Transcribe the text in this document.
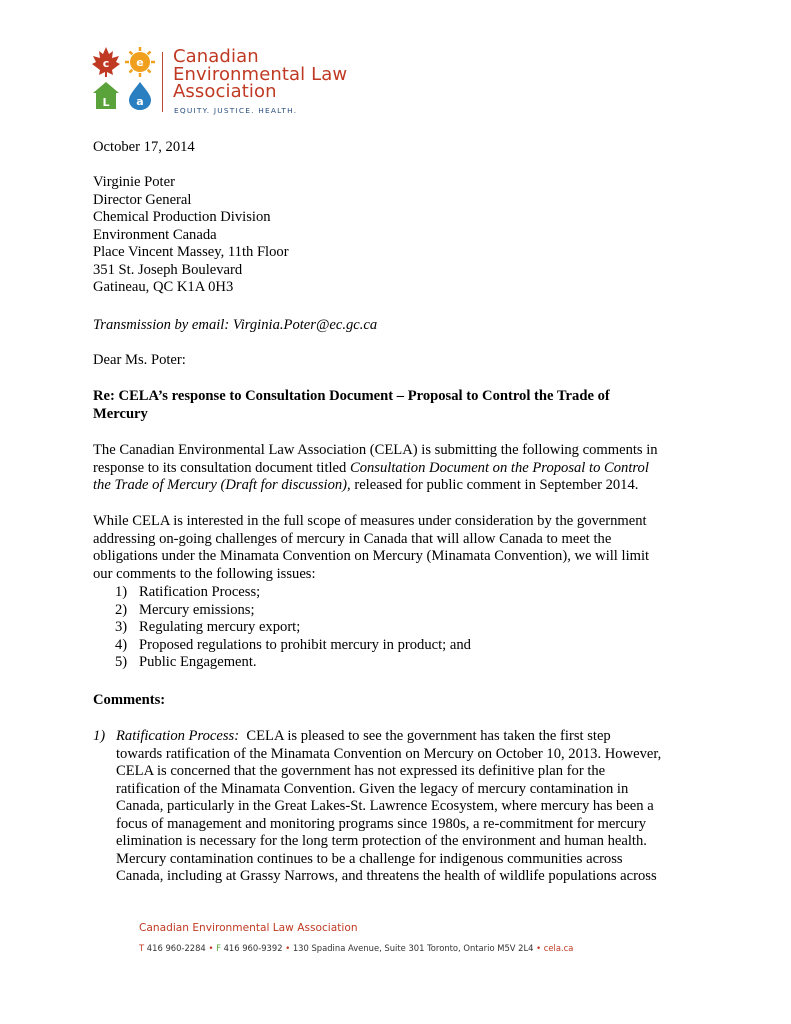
c e
L a
Canadian
Environmental Law
Association
EQUITY. JUSTICE. HEALTH.
October 17, 2014
Virginie Poter
Director General
Chemical Production Division
Environment Canada
Place Vincent Massey, 11th Floor
351 St. Joseph Boulevard
Gatineau, QC K1A 0H3
Transmission by email: Virginia.Poter@ec.gc.ca
Dear Ms. Poter:
Re: CELA’s response to Consultation Document – Proposal to Control the Trade of
Mercury
The Canadian Environmental Law Association (CELA) is submitting the following comments in
response to its consultation document titled Consultation Document on the Proposal to Control
the Trade of Mercury (Draft for discussion), released for public comment in September 2014.
While CELA is interested in the full scope of measures under consideration by the government
addressing on-going challenges of mercury in Canada that will allow Canada to meet the
obligations under the Minamata Convention on Mercury (Minamata Convention), we will limit
our comments to the following issues:
1) Ratification Process;
2) Mercury emissions;
3) Regulating mercury export;
4) Proposed regulations to prohibit mercury in product; and
5) Public Engagement.
Comments:
1) Ratification Process:  CELA is pleased to see the government has taken the first step
towards ratification of the Minamata Convention on Mercury on October 10, 2013. However,
CELA is concerned that the government has not expressed its definitive plan for the
ratification of the Minamata Convention. Given the legacy of mercury contamination in
Canada, particularly in the Great Lakes-St. Lawrence Ecosystem, where mercury has been a
focus of management and monitoring programs since 1980s, a re-commitment for mercury
elimination is necessary for the long term protection of the environment and human health.
Mercury contamination continues to be a challenge for indigenous communities across
Canada, including at Grassy Narrows, and threatens the health of wildlife populations across
Canadian Environmental Law Association
T 416 960-2284 • F 416 960-9392 • 130 Spadina Avenue, Suite 301 Toronto, Ontario M5V 2L4 • cela.ca
